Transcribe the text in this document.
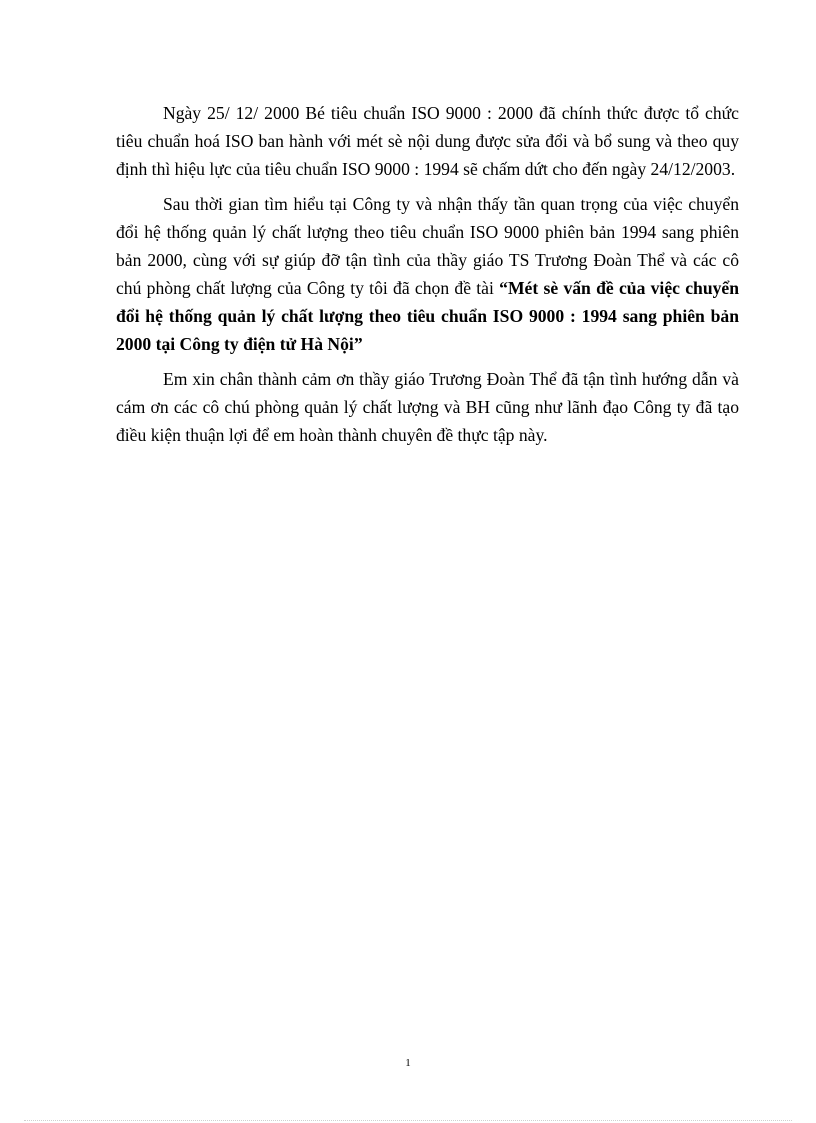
Ngày 25/ 12/ 2000 Bé tiêu chuẩn ISO 9000 : 2000 đã chính thức được tổ chức tiêu chuẩn hoá ISO ban hành với mét sè nội dung được sửa đổi và bổ sung và theo quy định thì hiệu lực của tiêu chuẩn ISO 9000 : 1994 sẽ chấm dứt cho đến ngày 24/12/2003.

Sau thời gian tìm hiểu tại Công ty và nhận thấy tần quan trọng của việc chuyển đổi hệ thống quản lý chất lượng theo tiêu chuẩn ISO 9000 phiên bản 1994 sang phiên bản 2000, cùng với sự giúp đỡ tận tình của thầy giáo TS Trương Đoàn Thể và các cô chú phòng chất lượng của Công ty tôi đã chọn đề tài “Mét sè vấn đề của việc chuyển đổi hệ thống quản lý chất lượng theo tiêu chuẩn ISO 9000 : 1994 sang phiên bản 2000 tại Công ty điện tử Hà Nội”

Em xin chân thành cảm ơn thầy giáo Trương Đoàn Thể đã tận tình hướng dẫn và cám ơn các cô chú phòng quản lý chất lượng và BH cũng như lãnh đạo Công ty đã tạo điều kiện thuận lợi để em hoàn thành chuyên đề thực tập này.

1
